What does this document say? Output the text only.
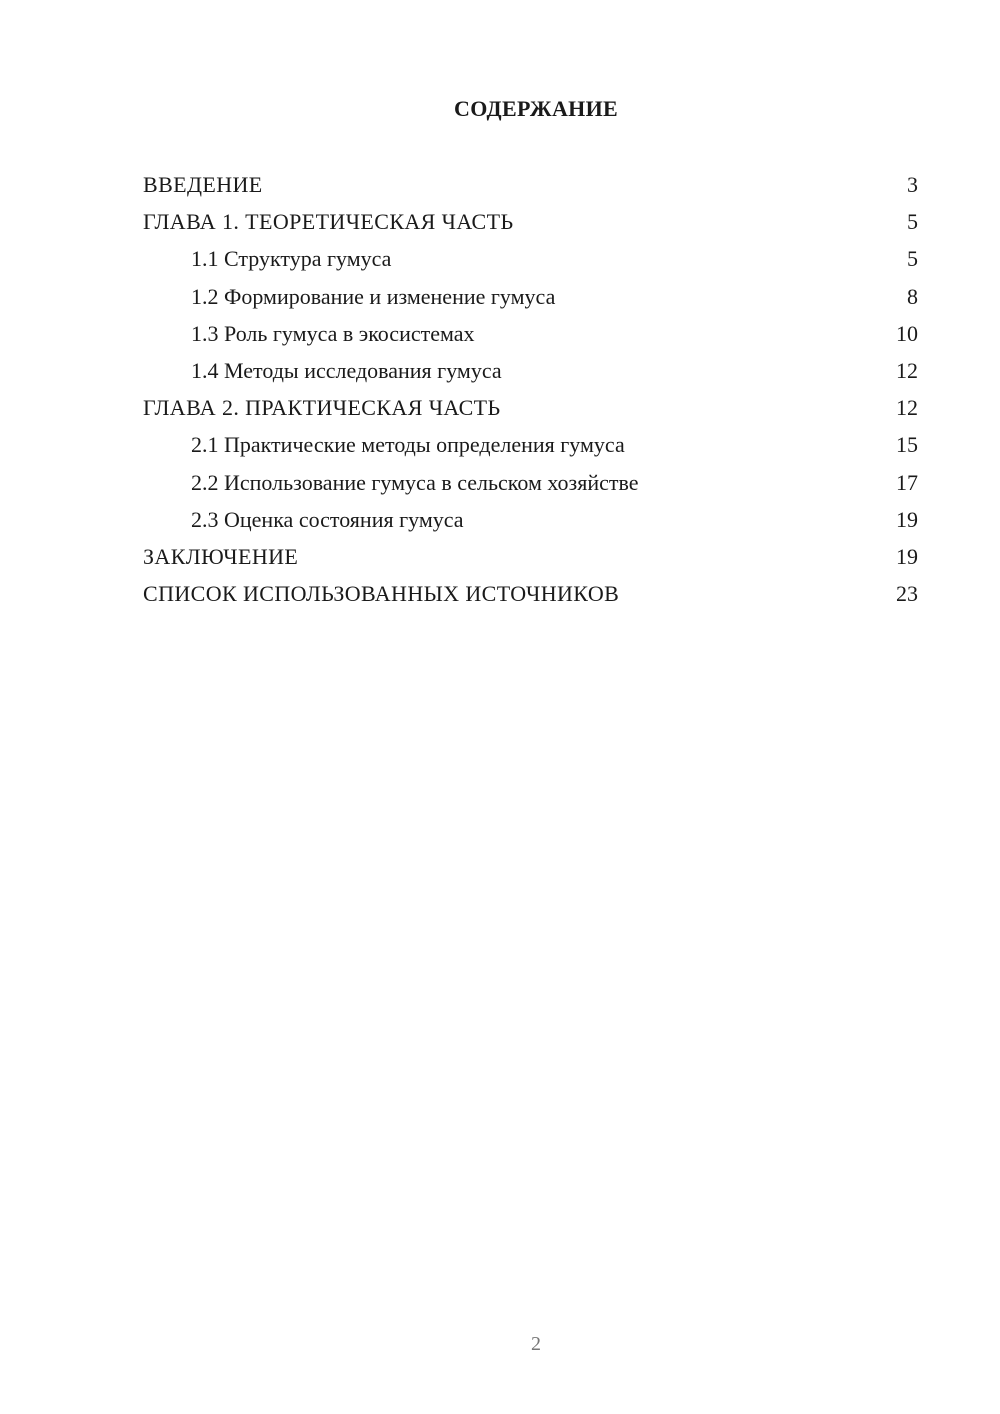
СОДЕРЖАНИЕ
ВВЕДЕНИЕ	3
ГЛАВА 1. ТЕОРЕТИЧЕСКАЯ ЧАСТЬ	5
1.1 Структура гумуса	5
1.2 Формирование и изменение гумуса	8
1.3 Роль гумуса в экосистемах	10
1.4 Методы исследования гумуса	12
ГЛАВА 2. ПРАКТИЧЕСКАЯ ЧАСТЬ	12
2.1 Практические методы определения гумуса	15
2.2 Использование гумуса в сельском хозяйстве	17
2.3 Оценка состояния гумуса	19
ЗАКЛЮЧЕНИЕ	19
СПИСОК ИСПОЛЬЗОВАННЫХ ИСТОЧНИКОВ	23
2
